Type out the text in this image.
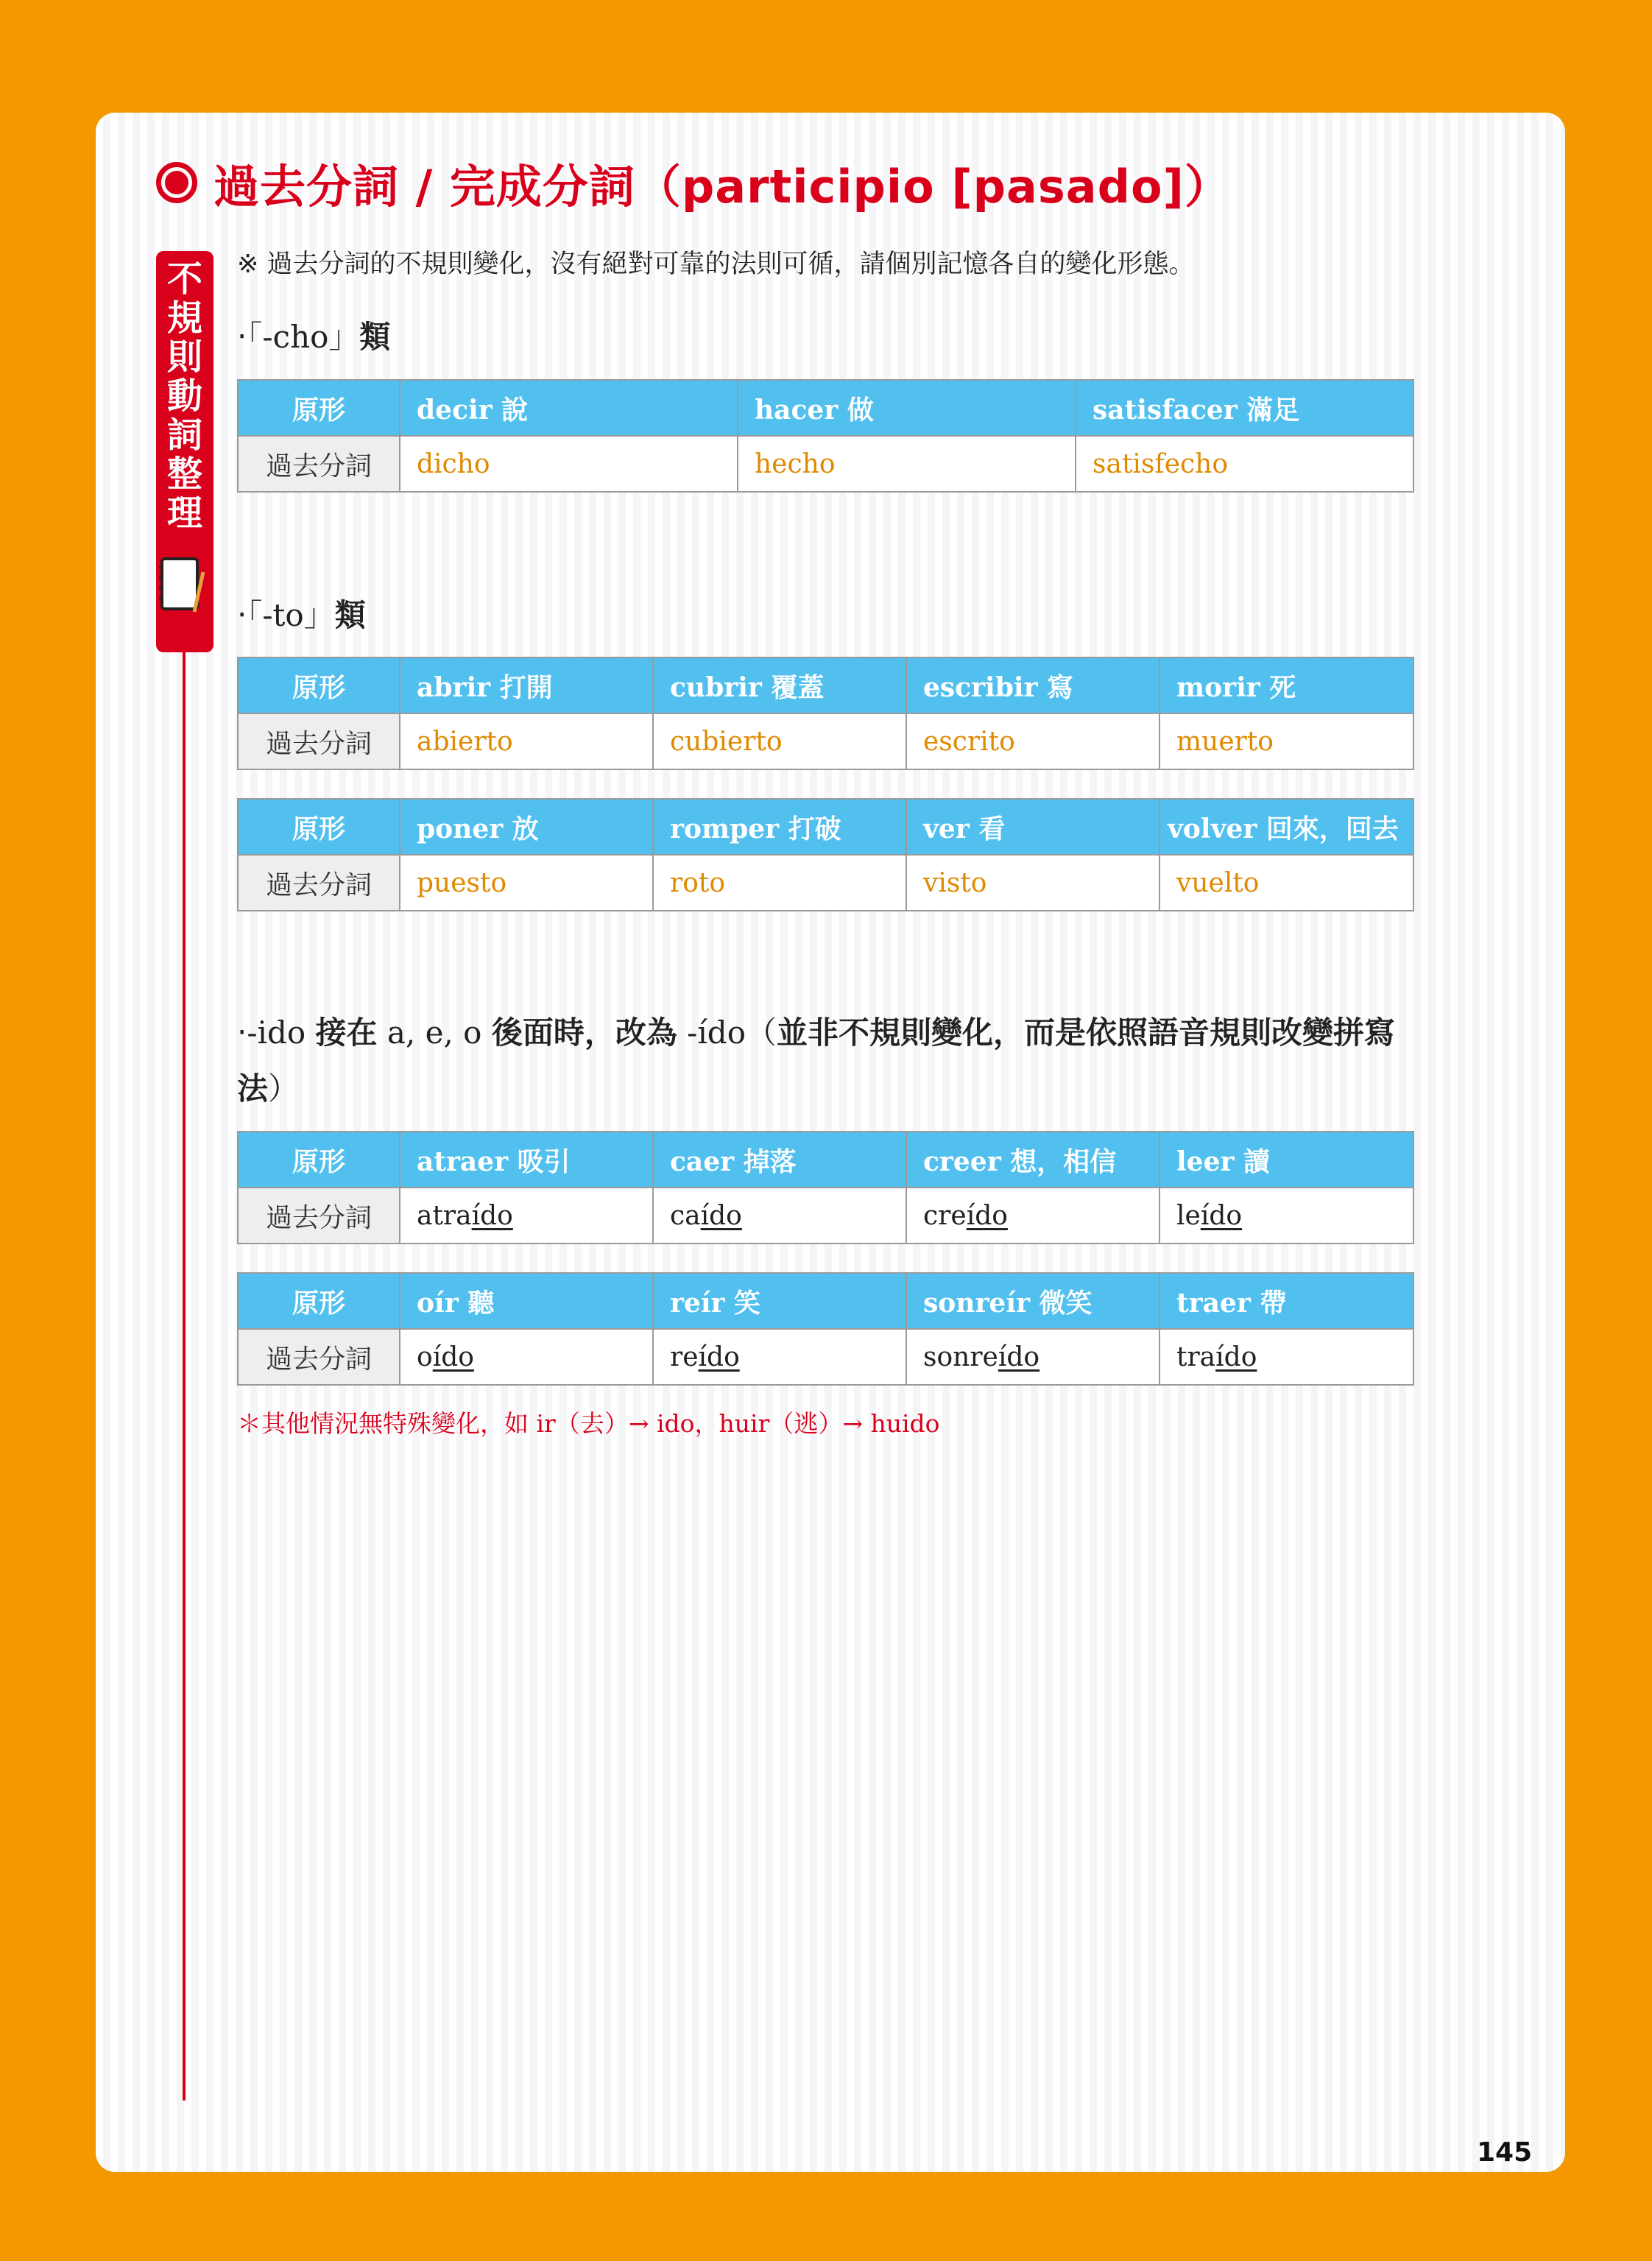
過去分詞 / 完成分詞（participio [pasado]）
不
規
則
動
詞
整
理
※ 過去分詞的不規則變化，沒有絕對可靠的法則可循，請個別記憶各自的變化形態。
‧「-cho」類
原形	decir 說	hacer 做	satisfacer 滿足
過去分詞	dicho	hecho	satisfecho
‧「-to」類
原形	abrir 打開	cubrir 覆蓋	escribir 寫	morir 死
過去分詞	abierto	cubierto	escrito	muerto
原形	poner 放	romper 打破	ver 看	volver 回來，回去
過去分詞	puesto	roto	visto	vuelto
‧-ido 接在 a, e, o 後面時，改為 -ído（並非不規則變化，而是依照語音規則改變拼寫法）
原形	atraer 吸引	caer 掉落	creer 想，相信	leer 讀
過去分詞	atraído	caído	creído	leído
原形	oír 聽	reír 笑	sonreír 微笑	traer 帶
過去分詞	oído	reído	sonreído	traído
＊其他情況無特殊變化，如 ir（去）→ ido，huir（逃）→ huido
145
